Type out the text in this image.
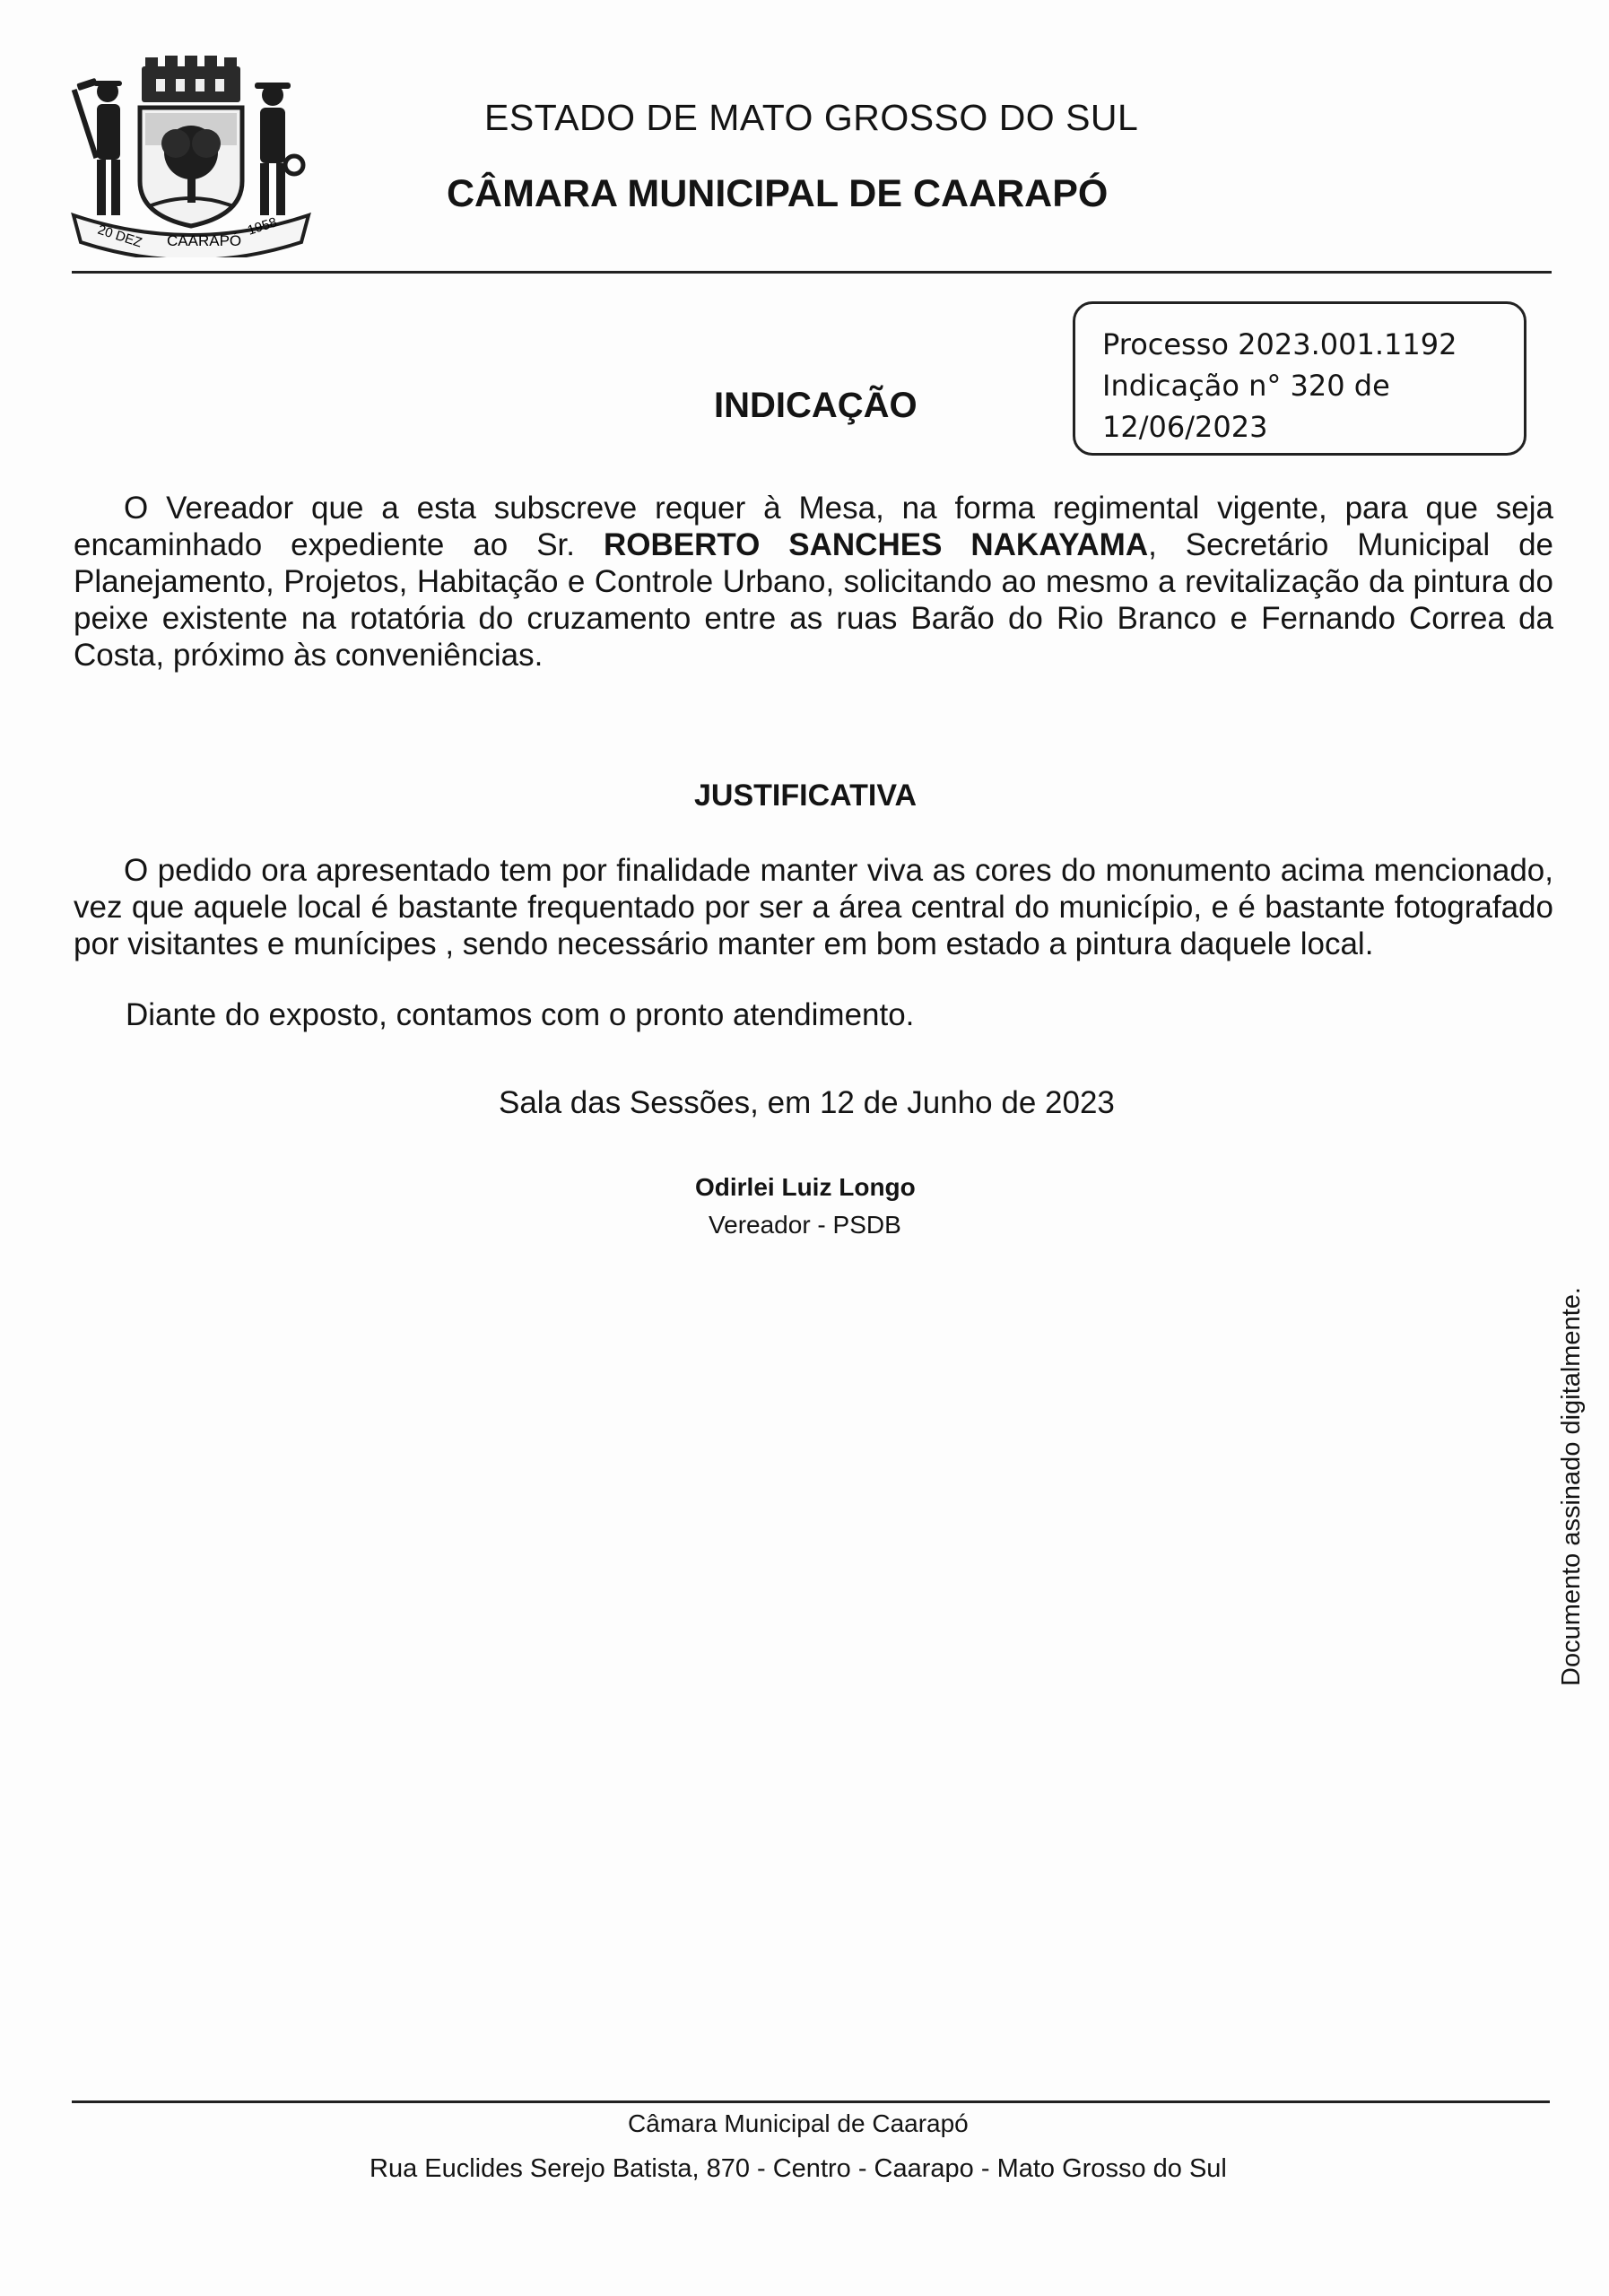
20 DEZ CAARAPÓ
1958
ESTADO DE MATO GROSSO DO SUL
CÂMARA MUNICIPAL DE CAARAPÓ
Processo 2023.001.1192
Indicação n° 320 de
12/06/2023
INDICAÇÃO
O Vereador que a esta subscreve requer à Mesa, na forma regimental vigente, para que seja encaminhado expediente ao Sr. ROBERTO SANCHES NAKAYAMA, Secretário Municipal de Planejamento, Projetos, Habitação e Controle Urbano, solicitando ao mesmo a revitalização da pintura do peixe existente na rotatória do cruzamento entre as ruas Barão do Rio Branco e Fernando Correa da Costa, próximo às conveniências.
JUSTIFICATIVA
O pedido ora apresentado tem por finalidade manter viva as cores do monumento acima mencionado, vez que aquele local é bastante frequentado por ser a área central do município, e é bastante fotografado por visitantes e munícipes , sendo necessário manter em bom estado a pintura daquele local.
Diante do exposto, contamos com o pronto atendimento.
Sala das Sessões, em 12 de Junho de 2023
Odirlei Luiz Longo
Vereador - PSDB
Documento assinado digitalmente.
Câmara Municipal de Caarapó
Rua Euclides Serejo Batista, 870 - Centro - Caarapo - Mato Grosso do Sul
